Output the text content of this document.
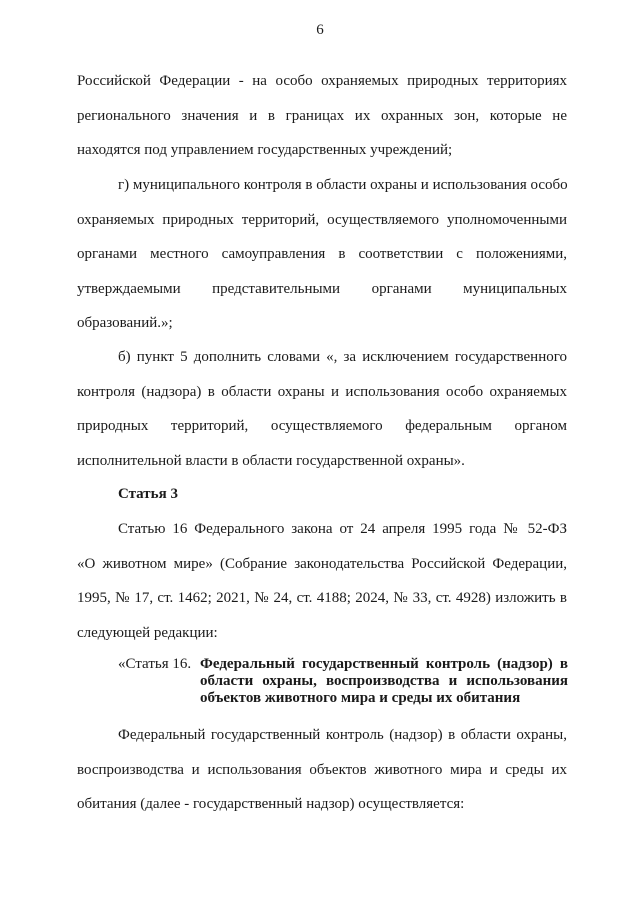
6
Российской Федерации - на особо охраняемых природных территориях
регионального значения и в границах их охранных зон, которые не
находятся под управлением государственных учреждений;
г) муниципального контроля в области охраны и использования особо
охраняемых природных территорий, осуществляемого уполномоченными
органами местного самоуправления в соответствии с положениями,
утверждаемыми представительными органами муниципальных
образований.»;
б) пункт 5 дополнить словами «, за исключением государственного
контроля (надзора) в области охраны и использования особо охраняемых
природных территорий, осуществляемого федеральным органом
исполнительной власти в области государственной охраны».
Статья 3
Статью 16 Федерального закона от 24 апреля 1995 года № 52-ФЗ
«О животном мире» (Собрание законодательства Российской Федерации,
1995, № 17, ст. 1462; 2021, № 24, ст. 4188; 2024, № 33, ст. 4928) изложить в
следующей редакции:
«Статья 16. Федеральный государственный контроль (надзор) в
области охраны, воспроизводства и использования
объектов животного мира и среды их обитания
Федеральный государственный контроль (надзор) в области охраны,
воспроизводства и использования объектов животного мира и среды их
обитания (далее - государственный надзор) осуществляется:
